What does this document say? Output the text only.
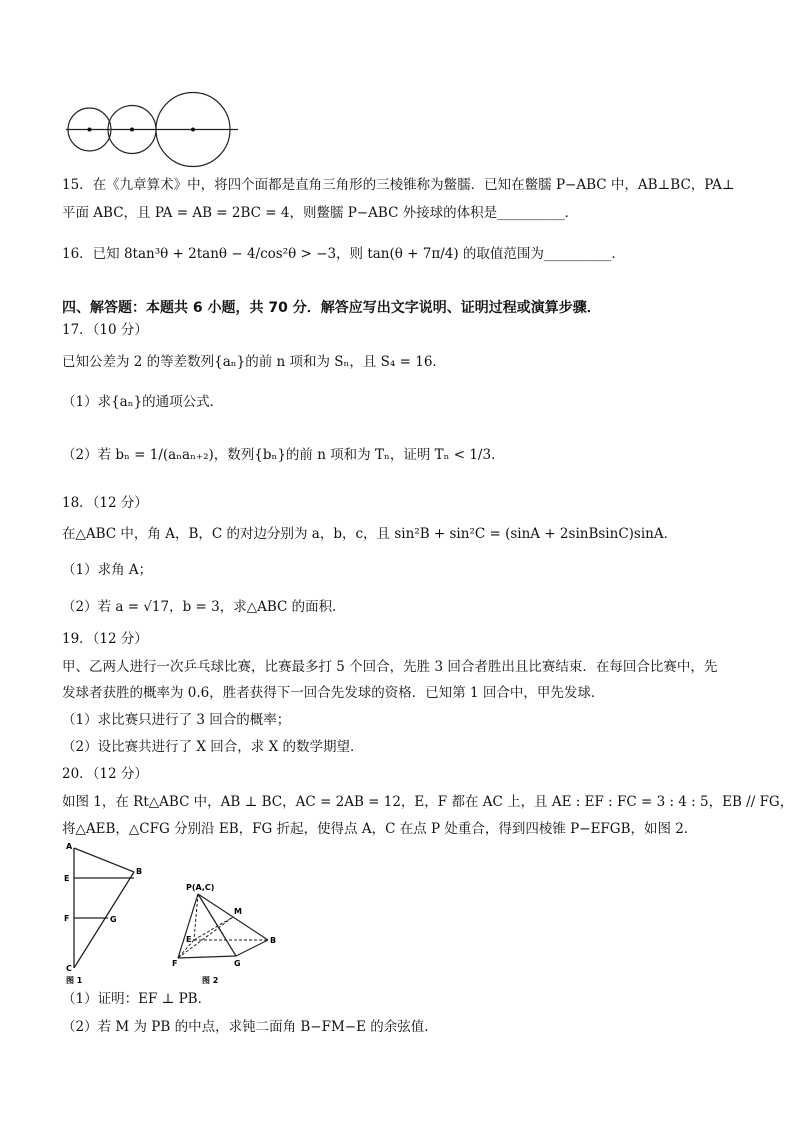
15．在《九章算术》中，将四个面都是直角三角形的三棱锥称为鳖臑．已知在鳖臑 P−ABC 中，AB⊥BC，PA⊥
平面 ABC，且 PA = AB = 2BC = 4，则鳖臑 P−ABC 外接球的体积是__________．
16．已知 8tan³θ + 2tanθ − 4/cos²θ > −3，则 tan(θ + 7π/4) 的取值范围为__________．
四、解答题：本题共 6 小题，共 70 分．解答应写出文字说明、证明过程或演算步骤．
17．（10 分）
已知公差为 2 的等差数列{aₙ}的前 n 项和为 Sₙ，且 S₄ = 16．
（1）求{aₙ}的通项公式．
（2）若 bₙ = 1/(aₙaₙ₊₂)，数列{bₙ}的前 n 项和为 Tₙ，证明 Tₙ < 1/3．
18．（12 分）
在△ABC 中，角 A，B，C 的对边分别为 a，b，c，且 sin²B + sin²C = (sinA + 2sinBsinC)sinA．
（1）求角 A；
（2）若 a = √17，b = 3，求△ABC 的面积．
19．（12 分）
甲、乙两人进行一次乒乓球比赛，比赛最多打 5 个回合，先胜 3 回合者胜出且比赛结束．在每回合比赛中，先
发球者获胜的概率为 0.6，胜者获得下一回合先发球的资格．已知第 1 回合中，甲先发球．
（1）求比赛只进行了 3 回合的概率；
（2）设比赛共进行了 X 回合，求 X 的数学期望．
20．（12 分）
如图 1，在 Rt△ABC 中，AB ⊥ BC，AC = 2AB = 12，E，F 都在 AC 上，且 AE : EF : FC = 3 : 4 : 5，EB // FG，
将△AEB，△CFG 分别沿 EB，FG 折起，使得点 A，C 在点 P 处重合，得到四棱锥 P−EFGB，如图 2．
A
E
F
C
B
G
图 1
P(A,C)
M
E	B
F	G
图 2
（1）证明：EF ⊥ PB．
（2）若 M 为 PB 的中点，求钝二面角 B−FM−E 的余弦值．
